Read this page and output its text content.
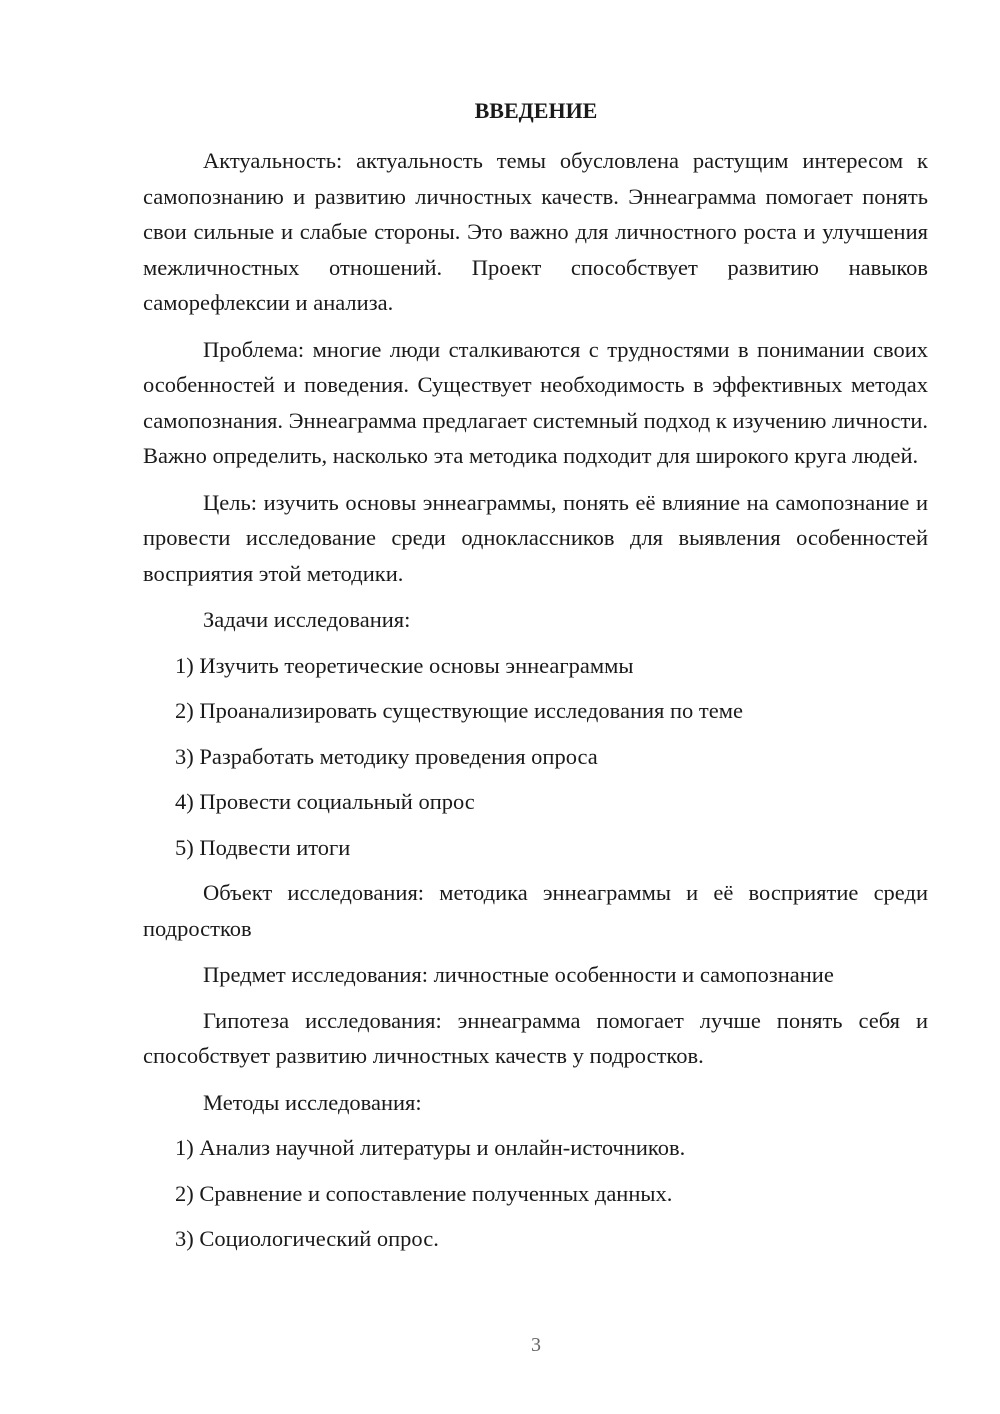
ВВЕДЕНИЕ

Актуальность: актуальность темы обусловлена растущим интересом к самопознанию и развитию личностных качеств. Эннеаграмма помогает понять свои сильные и слабые стороны. Это важно для личностного роста и улучшения межличностных отношений. Проект способствует развитию навыков саморефлексии и анализа.

Проблема: многие люди сталкиваются с трудностями в понимании своих особенностей и поведения. Существует необходимость в эффективных методах самопознания. Эннеаграмма предлагает системный подход к изучению личности. Важно определить, насколько эта методика подходит для широкого круга людей.

Цель: изучить основы эннеаграммы, понять её влияние на самопознание и провести исследование среди одноклассников для выявления особенностей восприятия этой методики.

Задачи исследования:

1) Изучить теоретические основы эннеаграммы

2) Проанализировать существующие исследования по теме

3) Разработать методику проведения опроса

4) Провести социальный опрос

5) Подвести итоги

Объект исследования: методика эннеаграммы и её восприятие среди подростков

Предмет исследования: личностные особенности и самопознание

Гипотеза исследования: эннеаграмма помогает лучше понять себя и способствует развитию личностных качеств у подростков.

Методы исследования:

1) Анализ научной литературы и онлайн-источников.

2) Сравнение и сопоставление полученных данных.

3) Социологический опрос.

3
